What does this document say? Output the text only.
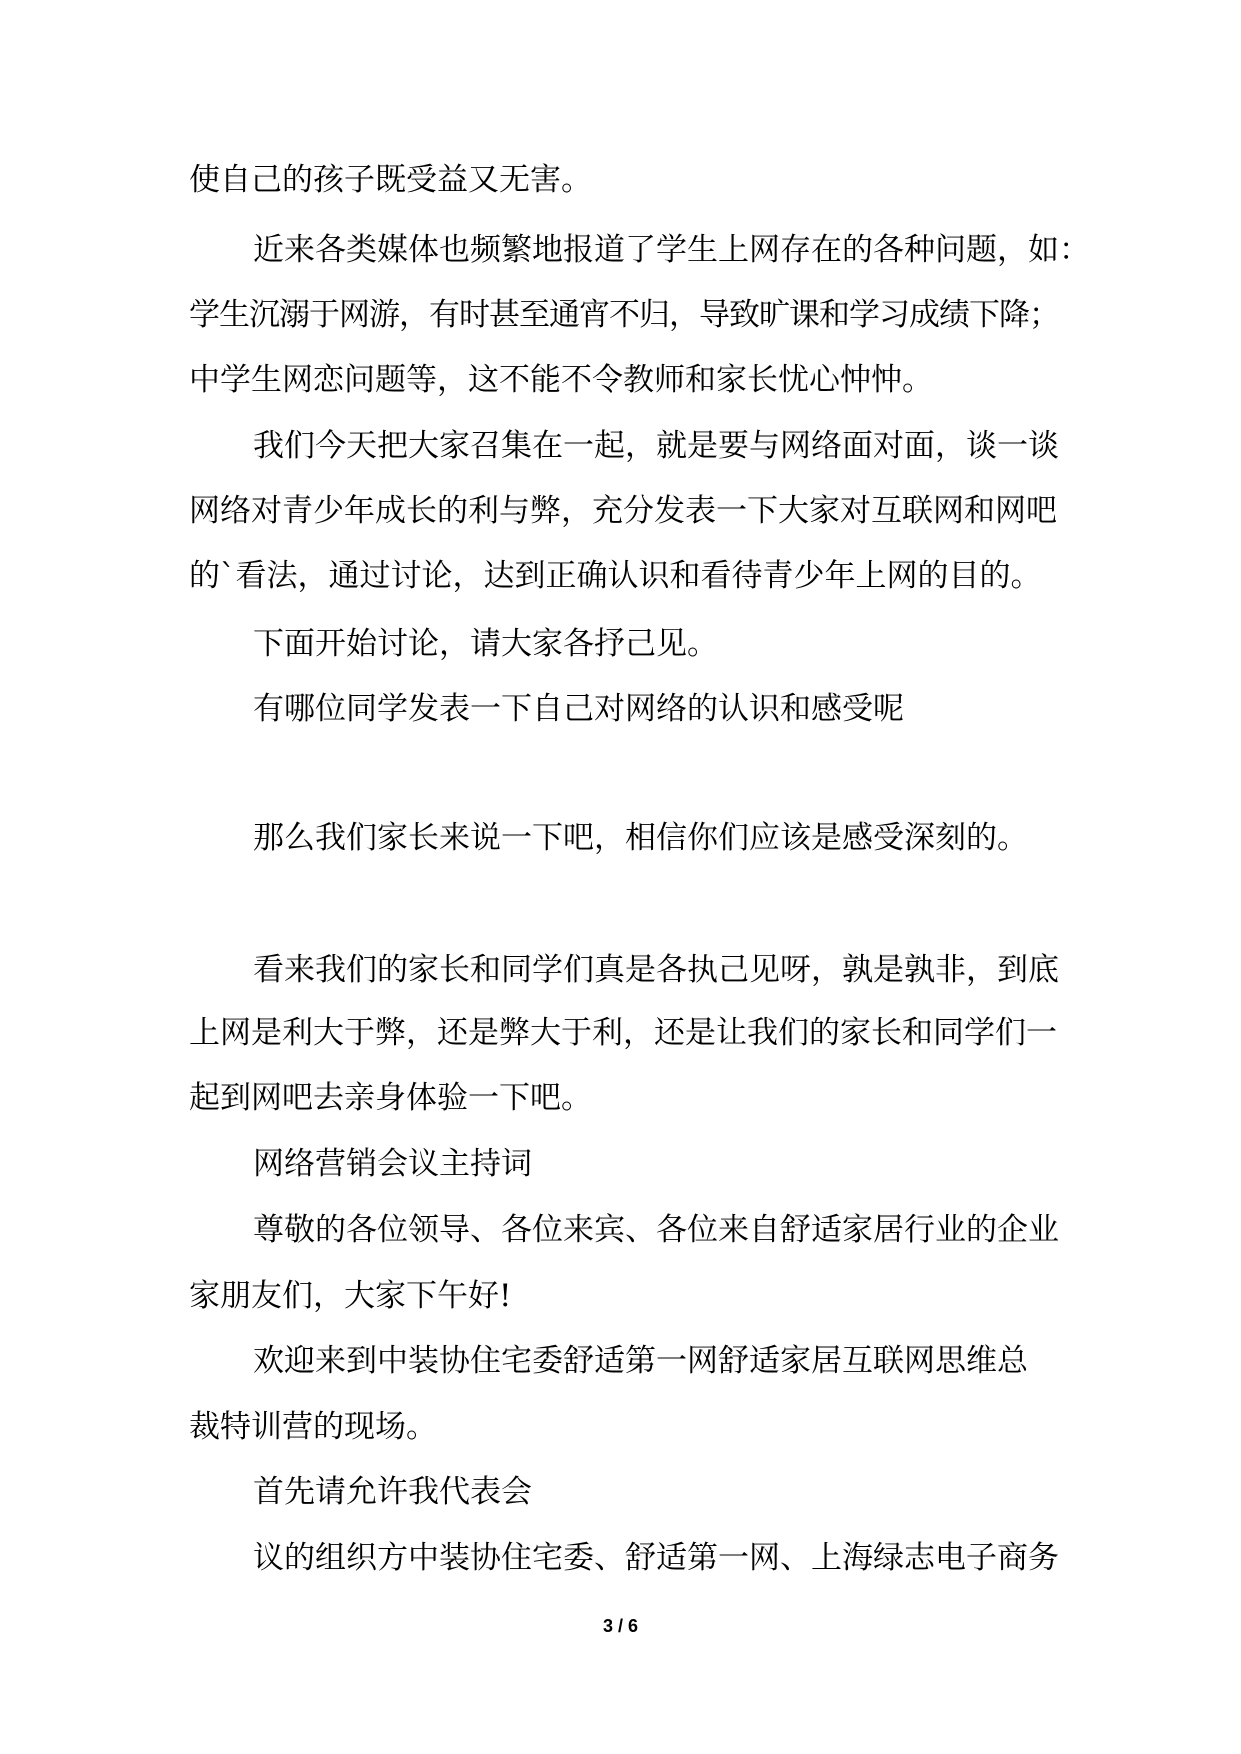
使自己的孩子既受益又无害。
近来各类媒体也频繁地报道了学生上网存在的各种问题，如：
学生沉溺于网游，有时甚至通宵不归，导致旷课和学习成绩下降；
中学生网恋问题等，这不能不令教师和家长忧心忡忡。
我们今天把大家召集在一起，就是要与网络面对面，谈一谈
网络对青少年成长的利与弊，充分发表一下大家对互联网和网吧
的`看法，通过讨论，达到正确认识和看待青少年上网的目的。
下面开始讨论，请大家各抒己见。
有哪位同学发表一下自己对网络的认识和感受呢
那么我们家长来说一下吧，相信你们应该是感受深刻的。
看来我们的家长和同学们真是各执己见呀，孰是孰非，到底
上网是利大于弊，还是弊大于利，还是让我们的家长和同学们一
起到网吧去亲身体验一下吧。
网络营销会议主持词
尊敬的各位领导、各位来宾、各位来自舒适家居行业的企业
家朋友们，大家下午好!
欢迎来到中装协住宅委舒适第一网舒适家居互联网思维总
裁特训营的现场。
首先请允许我代表会
议的组织方中装协住宅委、舒适第一网、上海绿志电子商务
3 / 6
